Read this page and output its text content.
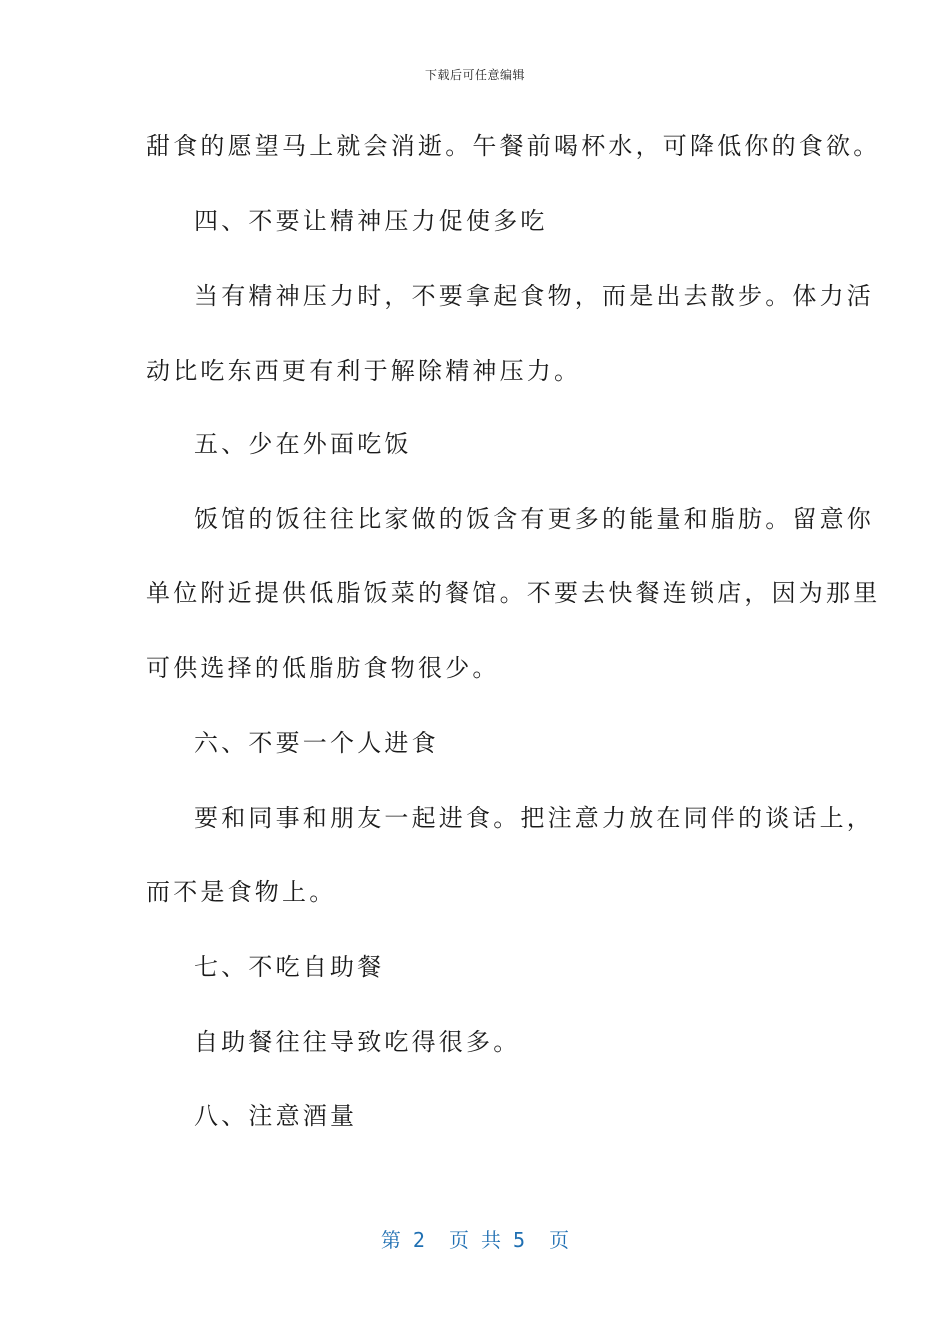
下载后可任意编辑
甜食的愿望马上就会消逝。午餐前喝杯水，可降低你的食欲。
四、不要让精神压力促使多吃
当有精神压力时，不要拿起食物，而是出去散步。体力活
动比吃东西更有利于解除精神压力。
五、少在外面吃饭
饭馆的饭往往比家做的饭含有更多的能量和脂肪。留意你
单位附近提供低脂饭菜的餐馆。不要去快餐连锁店，因为那里
可供选择的低脂肪食物很少。
六、不要一个人进食
要和同事和朋友一起进食。把注意力放在同伴的谈话上，
而不是食物上。
七、不吃自助餐
自助餐往往导致吃得很多。
八、注意酒量
第 2  页 共 5  页
